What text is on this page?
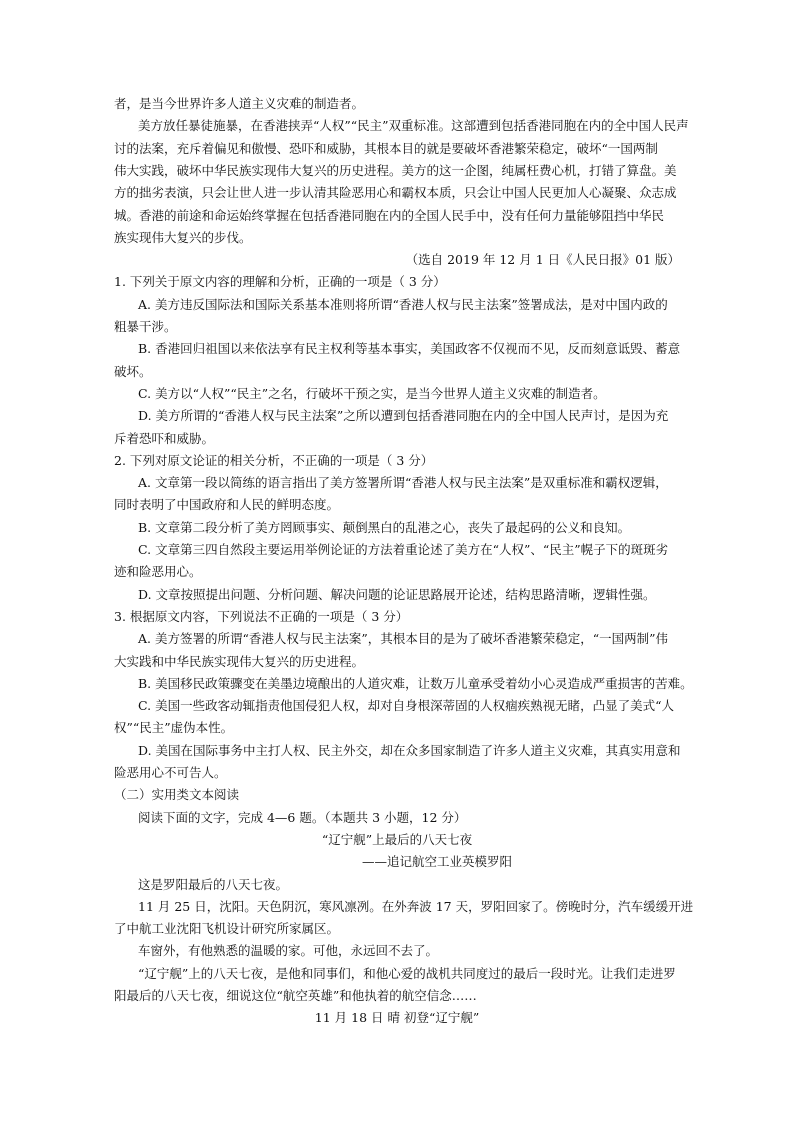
者，是当今世界许多人道主义灾难的制造者。
美方放任暴徒施暴，在香港挟弄“人权”“民主”双重标准。这部遭到包括香港同胞在内的全中国人民声
讨的法案，充斥着偏见和傲慢、恐吓和威胁，其根本目的就是要破坏香港繁荣稳定，破坏“一国两制
伟大实践，破坏中华民族实现伟大复兴的历史进程。美方的这一企图，纯属枉费心机，打错了算盘。美
方的拙劣表演，只会让世人进一步认清其险恶用心和霸权本质，只会让中国人民更加人心凝聚、众志成
城。香港的前途和命运始终掌握在包括香港同胞在内的全国人民手中，没有任何力量能够阻挡中华民
族实现伟大复兴的步伐。
（选自 2019 年 12 月 1 日《人民日报》01 版）
1. 下列关于原文内容的理解和分析，正确的一项是（ 3 分）
A. 美方违反国际法和国际关系基本准则将所谓“香港人权与民主法案”签署成法，是对中国内政的
粗暴干涉。
B. 香港回归祖国以来依法享有民主权利等基本事实，美国政客不仅视而不见，反而刻意诋毁、蓄意
破坏。
C. 美方以“人权”“民主”之名，行破坏干预之实，是当今世界人道主义灾难的制造者。
D. 美方所谓的“香港人权与民主法案”之所以遭到包括香港同胞在内的全中国人民声讨，是因为充
斥着恐吓和威胁。
2. 下列对原文论证的相关分析，不正确的一项是（ 3 分）
A. 文章第一段以简练的语言指出了美方签署所谓“香港人权与民主法案”是双重标准和霸权逻辑，
同时表明了中国政府和人民的鲜明态度。
B. 文章第二段分析了美方罔顾事实、颠倒黑白的乱港之心，丧失了最起码的公义和良知。
C. 文章第三四自然段主要运用举例论证的方法着重论述了美方在“人权”、“民主”幌子下的斑斑劣
迹和险恶用心。
D. 文章按照提出问题、分析问题、解决问题的论证思路展开论述，结构思路清晰，逻辑性强。
3. 根据原文内容，下列说法不正确的一项是（ 3 分）
A. 美方签署的所谓“香港人权与民主法案”，其根本目的是为了破坏香港繁荣稳定，“一国两制”伟
大实践和中华民族实现伟大复兴的历史进程。
B. 美国移民政策骤变在美墨边境酿出的人道灾难，让数万儿童承受着幼小心灵造成严重损害的苦难。
C. 美国一些政客动辄指责他国侵犯人权，却对自身根深蒂固的人权痼疾熟视无睹，凸显了美式“人
权”“民主”虚伪本性。
D. 美国在国际事务中主打人权、民主外交，却在众多国家制造了许多人道主义灾难，其真实用意和
险恶用心不可告人。
（二）实用类文本阅读
阅读下面的文字，完成 4—6 题。（本题共 3 小题，12 分）
“辽宁舰”上最后的八天七夜
——追记航空工业英模罗阳
这是罗阳最后的八天七夜。
11 月 25 日，沈阳。天色阴沉，寒风凛冽。在外奔波 17 天，罗阳回家了。傍晚时分，汽车缓缓开进
了中航工业沈阳飞机设计研究所家属区。
车窗外，有他熟悉的温暖的家。可他，永远回不去了。
“辽宁舰”上的八天七夜，是他和同事们，和他心爱的战机共同度过的最后一段时光。让我们走进罗
阳最后的八天七夜，细说这位“航空英雄”和他执着的航空信念……
11 月 18 日 晴 初登“辽宁舰”
